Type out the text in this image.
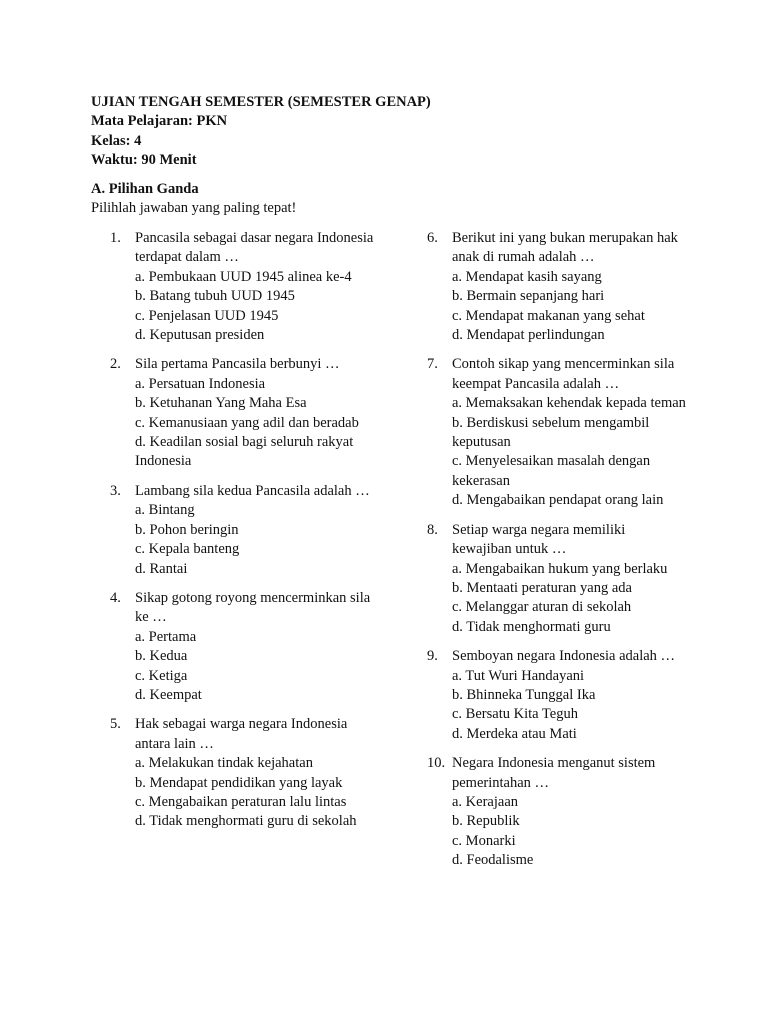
UJIAN TENGAH SEMESTER (SEMESTER GENAP)
Mata Pelajaran: PKN
Kelas: 4
Waktu: 90 Menit
A. Pilihan Ganda
Pilihlah jawaban yang paling tepat!
1. Pancasila sebagai dasar negara Indonesia terdapat dalam …
a. Pembukaan UUD 1945 alinea ke-4
b. Batang tubuh UUD 1945
c. Penjelasan UUD 1945
d. Keputusan presiden
2. Sila pertama Pancasila berbunyi …
a. Persatuan Indonesia
b. Ketuhanan Yang Maha Esa
c. Kemanusiaan yang adil dan beradab
d. Keadilan sosial bagi seluruh rakyat Indonesia
3. Lambang sila kedua Pancasila adalah …
a. Bintang
b. Pohon beringin
c. Kepala banteng
d. Rantai
4. Sikap gotong royong mencerminkan sila ke …
a. Pertama
b. Kedua
c. Ketiga
d. Keempat
5. Hak sebagai warga negara Indonesia antara lain …
a. Melakukan tindak kejahatan
b. Mendapat pendidikan yang layak
c. Mengabaikan peraturan lalu lintas
d. Tidak menghormati guru di sekolah
6. Berikut ini yang bukan merupakan hak anak di rumah adalah …
a. Mendapat kasih sayang
b. Bermain sepanjang hari
c. Mendapat makanan yang sehat
d. Mendapat perlindungan
7. Contoh sikap yang mencerminkan sila keempat Pancasila adalah …
a. Memaksakan kehendak kepada teman
b. Berdiskusi sebelum mengambil keputusan
c. Menyelesaikan masalah dengan kekerasan
d. Mengabaikan pendapat orang lain
8. Setiap warga negara memiliki kewajiban untuk …
a. Mengabaikan hukum yang berlaku
b. Mentaati peraturan yang ada
c. Melanggar aturan di sekolah
d. Tidak menghormati guru
9. Semboyan negara Indonesia adalah …
a. Tut Wuri Handayani
b. Bhinneka Tunggal Ika
c. Bersatu Kita Teguh
d. Merdeka atau Mati
10. Negara Indonesia menganut sistem pemerintahan …
a. Kerajaan
b. Republik
c. Monarki
d. Feodalisme
